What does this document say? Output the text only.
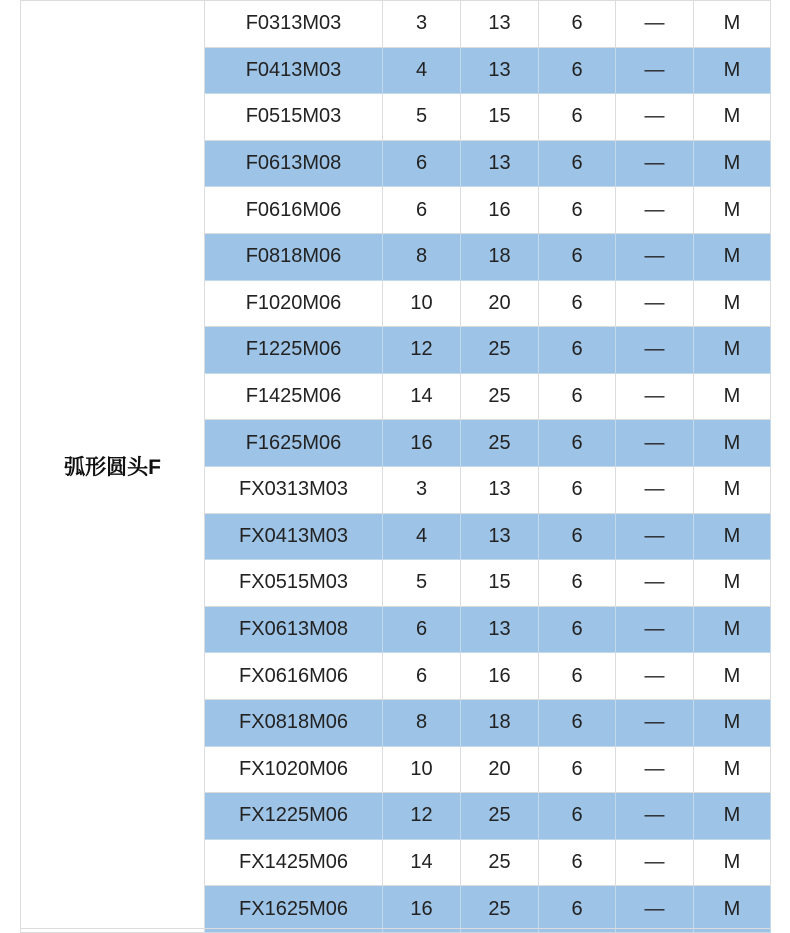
弧形圆头F	F0313M03	3	13	6	—	M
	F0413M03	4	13	6	—	M
	F0515M03	5	15	6	—	M
	F0613M08	6	13	6	—	M
	F0616M06	6	16	6	—	M
	F0818M06	8	18	6	—	M
	F1020M06	10	20	6	—	M
	F1225M06	12	25	6	—	M
	F1425M06	14	25	6	—	M
	F1625M06	16	25	6	—	M
	FX0313M03	3	13	6	—	M
	FX0413M03	4	13	6	—	M
	FX0515M03	5	15	6	—	M
	FX0613M08	6	13	6	—	M
	FX0616M06	6	16	6	—	M
	FX0818M06	8	18	6	—	M
	FX1020M06	10	20	6	—	M
	FX1225M06	12	25	6	—	M
	FX1425M06	14	25	6	—	M
	FX1625M06	16	25	6	—	M
